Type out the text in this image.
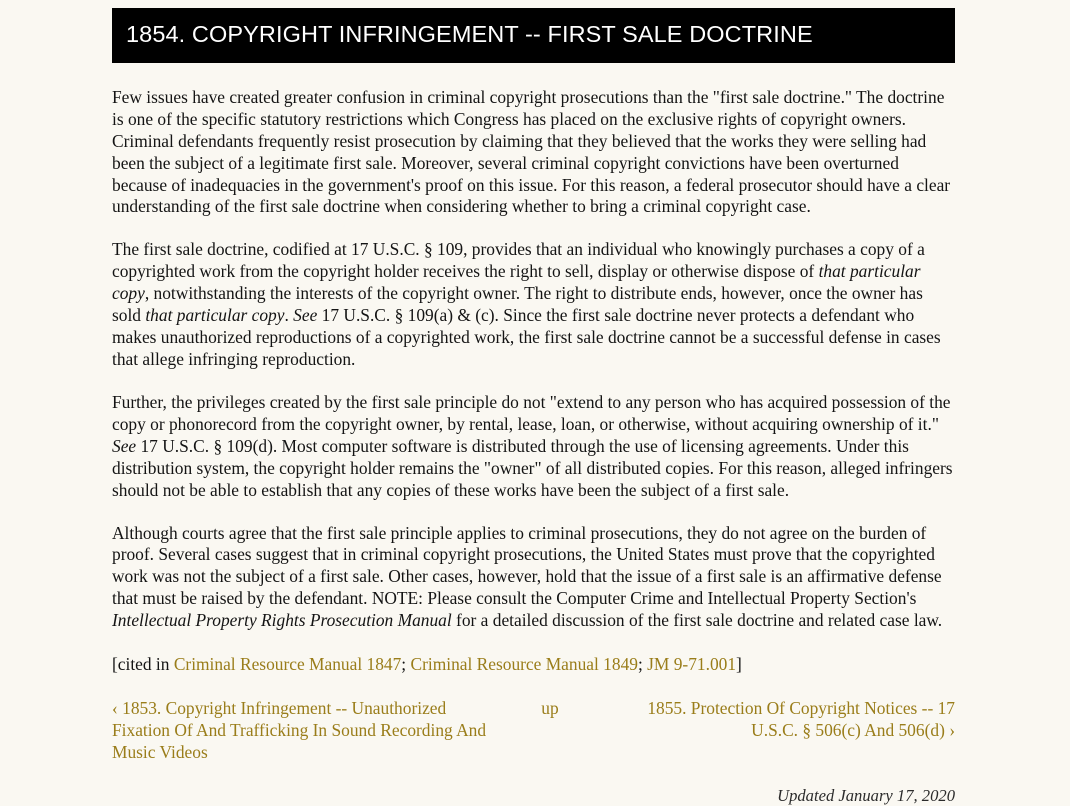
1854. COPYRIGHT INFRINGEMENT -- FIRST SALE DOCTRINE

Few issues have created greater confusion in criminal copyright prosecutions than the "first sale doctrine." The doctrine is one of the specific statutory restrictions which Congress has placed on the exclusive rights of copyright owners. Criminal defendants frequently resist prosecution by claiming that they believed that the works they were selling had been the subject of a legitimate first sale. Moreover, several criminal copyright convictions have been overturned because of inadequacies in the government's proof on this issue. For this reason, a federal prosecutor should have a clear understanding of the first sale doctrine when considering whether to bring a criminal copyright case.

The first sale doctrine, codified at 17 U.S.C. § 109, provides that an individual who knowingly purchases a copy of a copyrighted work from the copyright holder receives the right to sell, display or otherwise dispose of that particular copy, notwithstanding the interests of the copyright owner. The right to distribute ends, however, once the owner has sold that particular copy. See 17 U.S.C. § 109(a) & (c). Since the first sale doctrine never protects a defendant who makes unauthorized reproductions of a copyrighted work, the first sale doctrine cannot be a successful defense in cases that allege infringing reproduction.

Further, the privileges created by the first sale principle do not "extend to any person who has acquired possession of the copy or phonorecord from the copyright owner, by rental, lease, loan, or otherwise, without acquiring ownership of it." See 17 U.S.C. § 109(d). Most computer software is distributed through the use of licensing agreements. Under this distribution system, the copyright holder remains the "owner" of all distributed copies. For this reason, alleged infringers should not be able to establish that any copies of these works have been the subject of a first sale.

Although courts agree that the first sale principle applies to criminal prosecutions, they do not agree on the burden of proof. Several cases suggest that in criminal copyright prosecutions, the United States must prove that the copyrighted work was not the subject of a first sale. Other cases, however, hold that the issue of a first sale is an affirmative defense that must be raised by the defendant. NOTE: Please consult the Computer Crime and Intellectual Property Section's Intellectual Property Rights Prosecution Manual for a detailed discussion of the first sale doctrine and related case law.

[cited in Criminal Resource Manual 1847; Criminal Resource Manual 1849; JM 9-71.001]
‹ 1853. Copyright Infringement -- Unauthorized Fixation Of And Trafficking In Sound Recording And Music Videos
up	1855. Protection Of Copyright Notices -- 17 U.S.C. § 506(c) And 506(d) ›
Updated January 17, 2020
